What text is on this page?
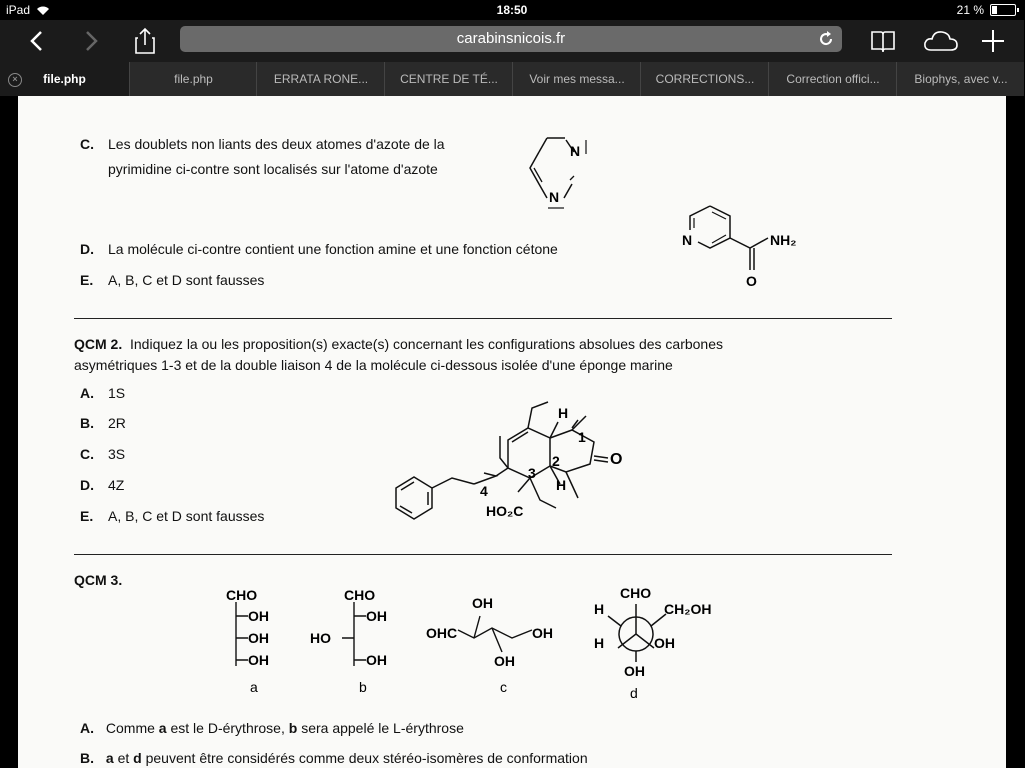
iPad	18:50	21 %
carabinsnicois.fr
×	file.php	file.php	ERRATA RONE...	CENTRE DE TÉ...	Voir mes messa...	CORRECTIONS...	Correction offici...	Biophys, avec v...
C. Les doublets non liants des deux atomes d'azote de la
pyrimidine ci-contre sont localisés sur l'atome d'azote
N
N
D. La molécule ci-contre contient une fonction amine et une fonction cétone
N	NH₂
O
E. A, B, C et D sont fausses
QCM 2. Indiquez la ou les proposition(s) exacte(s) concernant les configurations absolues des carbones
asymétriques 1-3 et de la double liaison 4 de la molécule ci-dessous isolée d'une éponge marine
A. 1S
B. 2R
C. 3S
D. 4Z
E. A, B, C et D sont fausses
H
1
2
3
4	H
O
HO₂C
QCM 3.
CHO
OH
OH
OH
a
CHO
OH
HO
OH
b
OH
OHC	OH
OH
c
CHO
H	CH₂OH
H	OH
OH
d
A. Comme a est le D-érythrose, b sera appelé le L-érythrose
B. a et d peuvent être considérés comme deux stéréo-isomères de conformation
